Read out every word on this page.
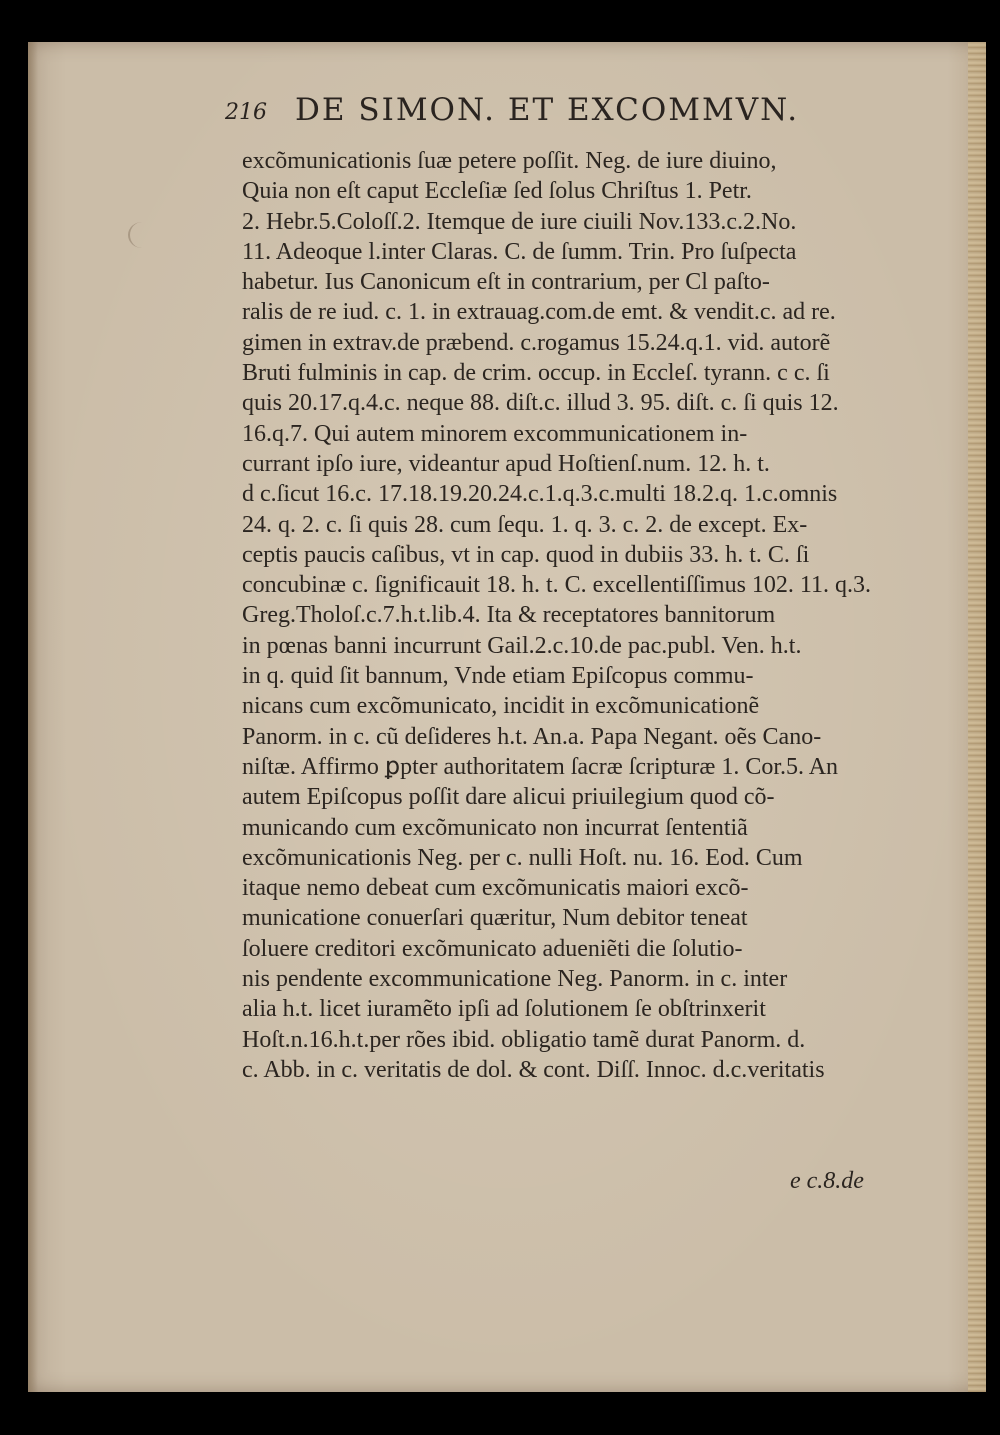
216 DE SIMON. ET EXCOMMVN.
excõmunicationis ſuæ petere poſſit. Neg. de iure diuino,
Quia non eſt caput Eccleſiæ ſed ſolus Chriſtus 1. Petr.
2. Hebr.5.Coloſſ.2. Itemque de iure ciuili Nov.133.c.2.No.
11. Adeoque l.inter Claras. C. de ſumm. Trin. Pro ſuſpecta
habetur. Ius Canonicum eſt in contrarium, per Cl paſto-
ralis de re iud. c. 1. in extrauag.com.de emt. & vendit.c. ad re.
gimen in extrav.de præbend. c.rogamus 15.24.q.1. vid. autorẽ
Bruti fulminis in cap. de crim. occup. in Eccleſ. tyrann. c c. ſi
quis 20.17.q.4.c. neque 88. diſt.c. illud 3. 95. diſt. c. ſi quis 12.
16.q.7. Qui autem minorem excommunicationem in-
currant ipſo iure, videantur apud Hoſtienſ.num. 12. h. t.
d c.ſicut 16.c. 17.18.19.20.24.c.1.q.3.c.multi 18.2.q. 1.c.omnis
24. q. 2. c. ſi quis 28. cum ſequ. 1. q. 3. c. 2. de except. Ex-
ceptis paucis caſibus, vt in cap. quod in dubiis 33. h. t. C. ſi
concubinæ c. ſignificauit 18. h. t. C. excellentiſſimus 102. 11. q.3.
Greg.Tholoſ.c.7.h.t.lib.4. Ita & receptatores bannitorum
in pœnas banni incurrunt Gail.2.c.10.de pac.publ. Ven. h.t.
in q. quid ſit bannum, Vnde etiam Epiſcopus commu-
nicans cum excõmunicato, incidit in excõmunicationẽ
Panorm. in c. cũ deſideres h.t. An.a. Papa Negant. oẽs Cano-
niſtæ. Affirmo ꝑpter authoritatem ſacræ ſcripturæ 1. Cor.5. An
autem Epiſcopus poſſit dare alicui priuilegium quod cõ-
municando cum excõmunicato non incurrat ſententiã
excõmunicationis Neg. per c. nulli Hoſt. nu. 16. Eod. Cum
itaque nemo debeat cum excõmunicatis maiori excõ-
municatione conuerſari quæritur, Num debitor teneat
ſoluere creditori excõmunicato adueniẽti die ſolutio-
nis pendente excommunicatione Neg. Panorm. in c. inter
alia h.t. licet iuramẽto ipſi ad ſolutionem ſe obſtrinxerit
Hoſt.n.16.h.t.per rões ibid. obligatio tamẽ durat Panorm. d.
c. Abb. in c. veritatis de dol. & cont. Diſſ. Innoc. d.c.veritatis
e c.8.de
